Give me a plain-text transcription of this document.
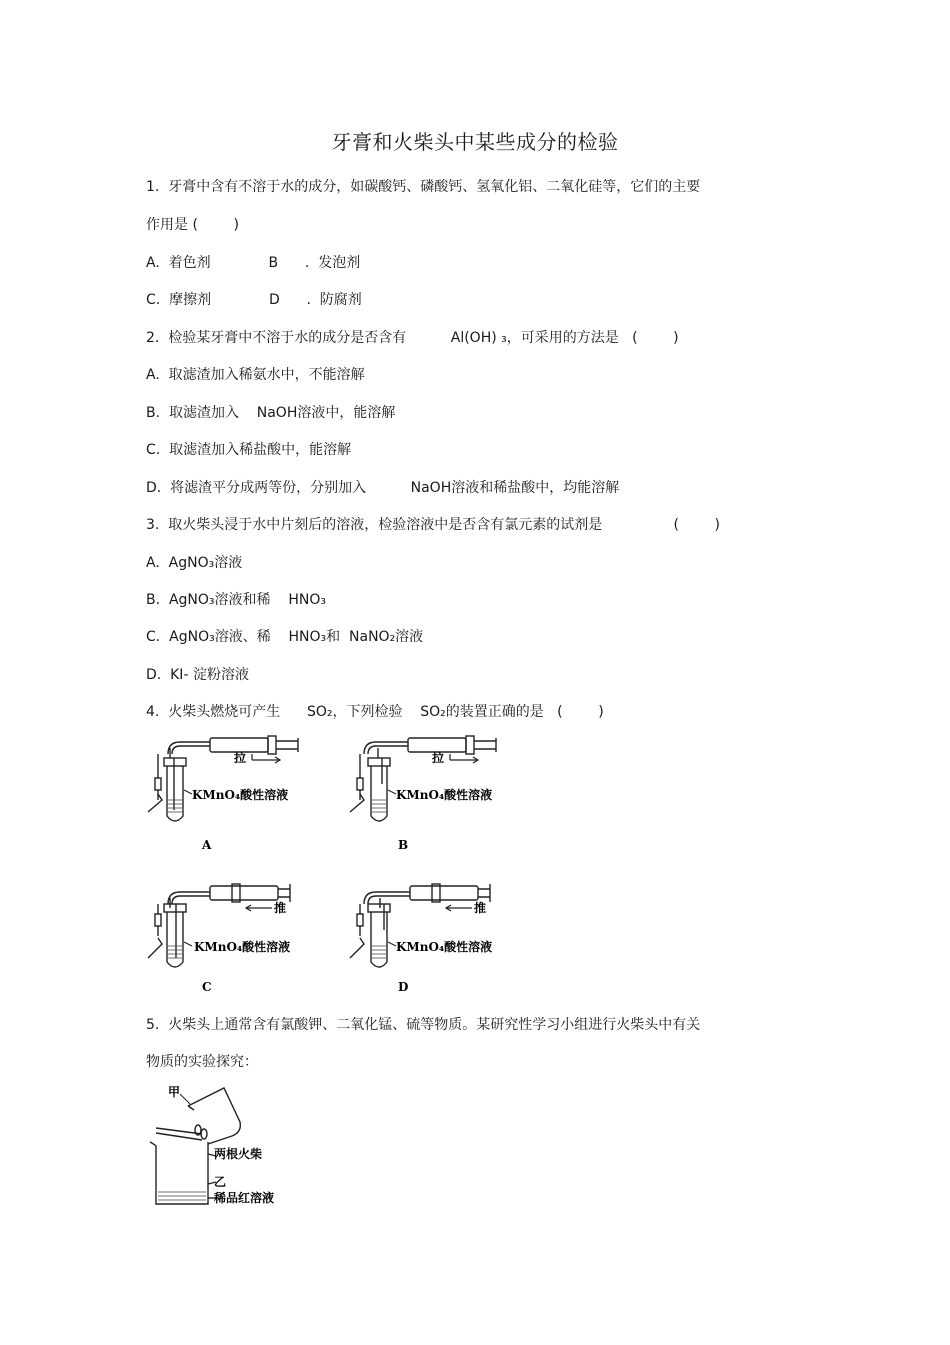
牙膏和火柴头中某些成分的检验
1.  牙膏中含有不溶于水的成分，如碳酸钙、磷酸钙、氢氧化铝、二氧化硅等，它们的主要
作用是 (        )
A.  着色剂             B      .  发泡剂
C.  摩擦剂             D      .  防腐剂
2.  检验某牙膏中不溶于水的成分是否含有          Al(OH) ₃，可采用的方法是   (        )
A.  取滤渣加入稀氨水中，不能溶解
B.  取滤渣加入    NaOH溶液中，能溶解
C.  取滤渣加入稀盐酸中，能溶解
D.  将滤渣平分成两等份，分别加入          NaOH溶液和稀盐酸中，均能溶解
3.  取火柴头浸于水中片刻后的溶液，检验溶液中是否含有氯元素的试剂是                (        )
A.  AgNO₃溶液
B.  AgNO₃溶液和稀    HNO₃
C.  AgNO₃溶液、稀    HNO₃和  NaNO₂溶液
D.  KI- 淀粉溶液
4.  火柴头燃烧可产生      SO₂，下列检验    SO₂的装置正确的是   (        )
KMnO₄酸性溶液
拉
A
KMnO₄酸性溶液
拉
B
KMnO₄酸性溶液
推
C
KMnO₄酸性溶液
推
D
5.  火柴头上通常含有氯酸钾、二氧化锰、硫等物质。某研究性学习小组进行火柴头中有关
物质的实验探究：
甲
两根火柴
乙
稀品红溶液
